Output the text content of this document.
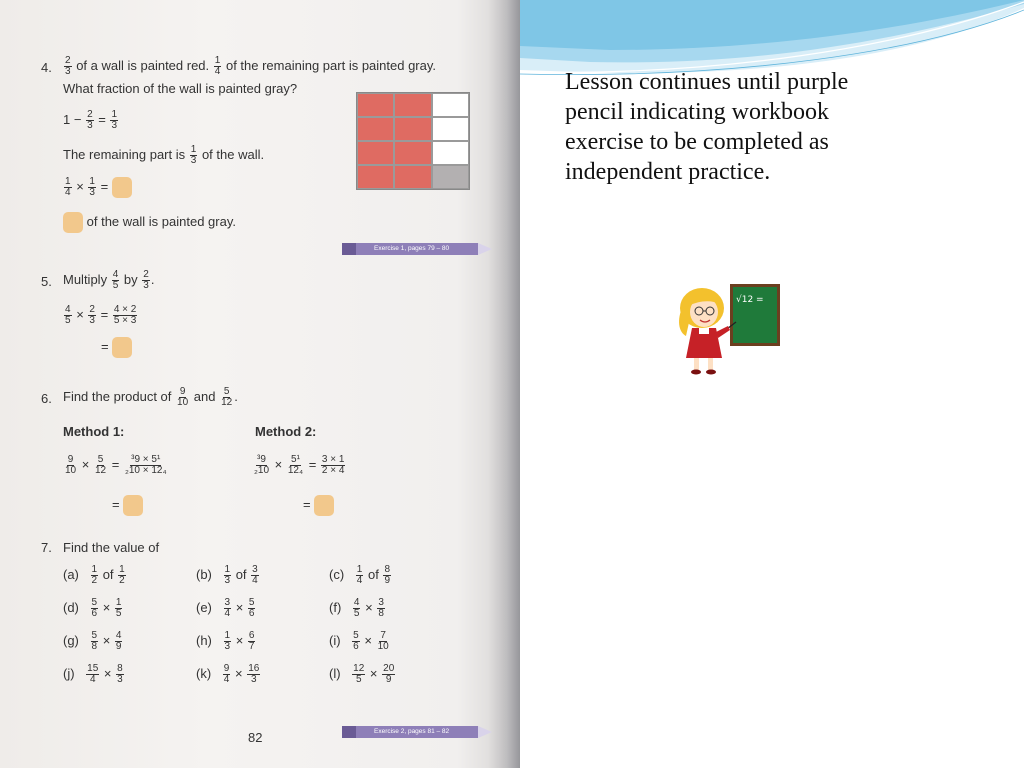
4. $\frac{2}{3}$ of a wall is painted red. $\frac{1}{4}$ of the remaining part is painted gray.
What fraction of the wall is painted gray?
$1 - \frac{2}{3} = \frac{1}{3}$
The remaining part is $\frac{1}{3}$ of the wall.
$\frac{1}{4} \times \frac{1}{3}$ =
of the wall is painted gray.
Exercise 1, pages 79 – 80
5. Multiply $\frac{4}{5}$ by $\frac{2}{3}$ .
$\frac{4}{5} \times \frac{2}{3} = \frac{4 \times 2}{5 \times 3}$
=
6. Find the product of $\frac{9}{10}$ and $\frac{5}{12}$ .
Method 1:	Method 2:
$\frac{9}{10} \times \frac{5}{12} = \frac{\text{³9 × 5¹}}{\text{₂10 × 12₄}}$	$\frac{\text{³9}}{\text{₂10}} \times \frac{\text{5¹}}{\text{12₄}} = \frac{3 \times 1}{2 \times 4}$
=	=
7. Find the value of
$(a) \frac{1}{2}$ of $\frac{1}{2}$	$(b) \frac{1}{3}$ of $\frac{3}{4}$	$(c) \frac{1}{4}$ of $\frac{8}{9}$
$(d) \frac{5}{6} \times \frac{1}{5}$	$(e) \frac{3}{4} \times \frac{5}{6}$	$(f) \frac{4}{5} \times \frac{3}{8}$
$(g) \frac{5}{8} \times \frac{4}{9}$	$(h) \frac{1}{3} \times \frac{6}{7}$	$(i) \frac{5}{6} \times \frac{7}{10}$
$(j) \frac{15}{4} \times \frac{8}{3}$	$(k) \frac{9}{4} \times \frac{16}{3}$	$(l) \frac{12}{5} \times \frac{20}{9}$
Exercise 2, pages 81 – 82
82

Lesson continues until purple pencil indicating workbook exercise to be completed as independent practice.

√12 =
